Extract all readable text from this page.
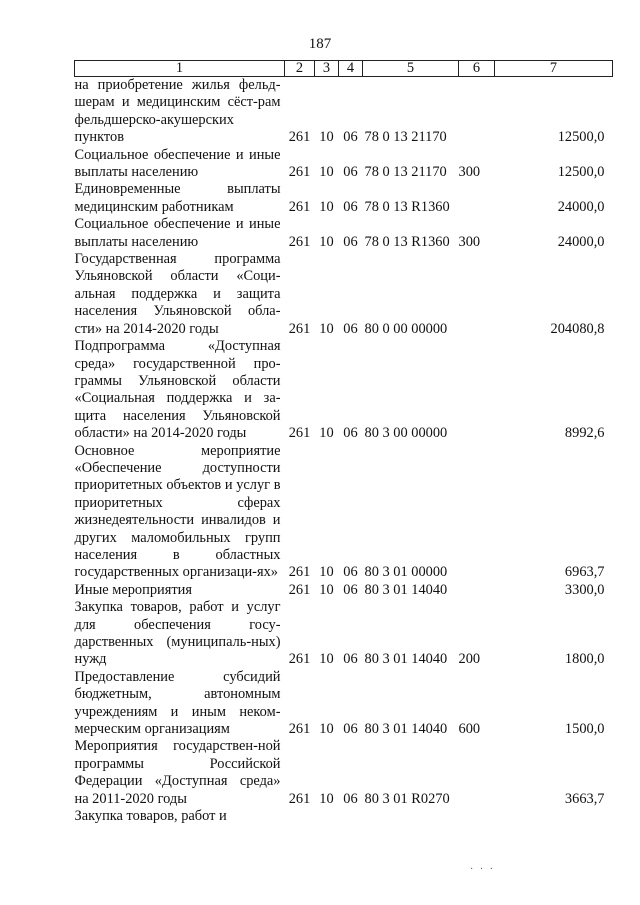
187
1	2	3	4	5	6	7
на приобретение жилья фельд-шерам и медицинским сёст-рам фельдшерско-акушерских пунктов	261	10	06	78 0 13 21170		12500,0
Социальное обеспечение и иные выплаты населению	261	10	06	78 0 13 21170	300	12500,0
Единовременные выплаты медицинским работникам	261	10	06	78 0 13 R1360		24000,0
Социальное обеспечение и иные выплаты населению	261	10	06	78 0 13 R1360	300	24000,0
Государственная программа Ульяновской области «Соци-альная поддержка и защита населения Ульяновской обла-сти» на 2014-2020 годы	261	10	06	80 0 00 00000		204080,8
Подпрограмма «Доступная среда» государственной про-граммы Ульяновской области «Социальная поддержка и за-щита населения Ульяновской области» на 2014-2020 годы	261	10	06	80 3 00 00000		8992,6
Основное мероприятие «Обеспечение доступности приоритетных объектов и услуг в приоритетных сферах жизнедеятельности инвалидов и других маломобильных групп населения в областных государственных организаци-ях»	261	10	06	80 3 01 00000		6963,7
Иные мероприятия	261	10	06	80 3 01 14040		3300,0
Закупка товаров, работ и услуг для обеспечения госу-дарственных (муниципаль-ных) нужд	261	10	06	80 3 01 14040	200	1800,0
Предоставление субсидий бюджетным, автономным учреждениям и иным неком-мерческим организациям	261	10	06	80 3 01 14040	600	1500,0
Мероприятия государствен-ной программы Российской Федерации «Доступная среда» на 2011-2020 годы	261	10	06	80 3 01 R0270		3663,7
Закупка товаров, работ и						
· · ·
